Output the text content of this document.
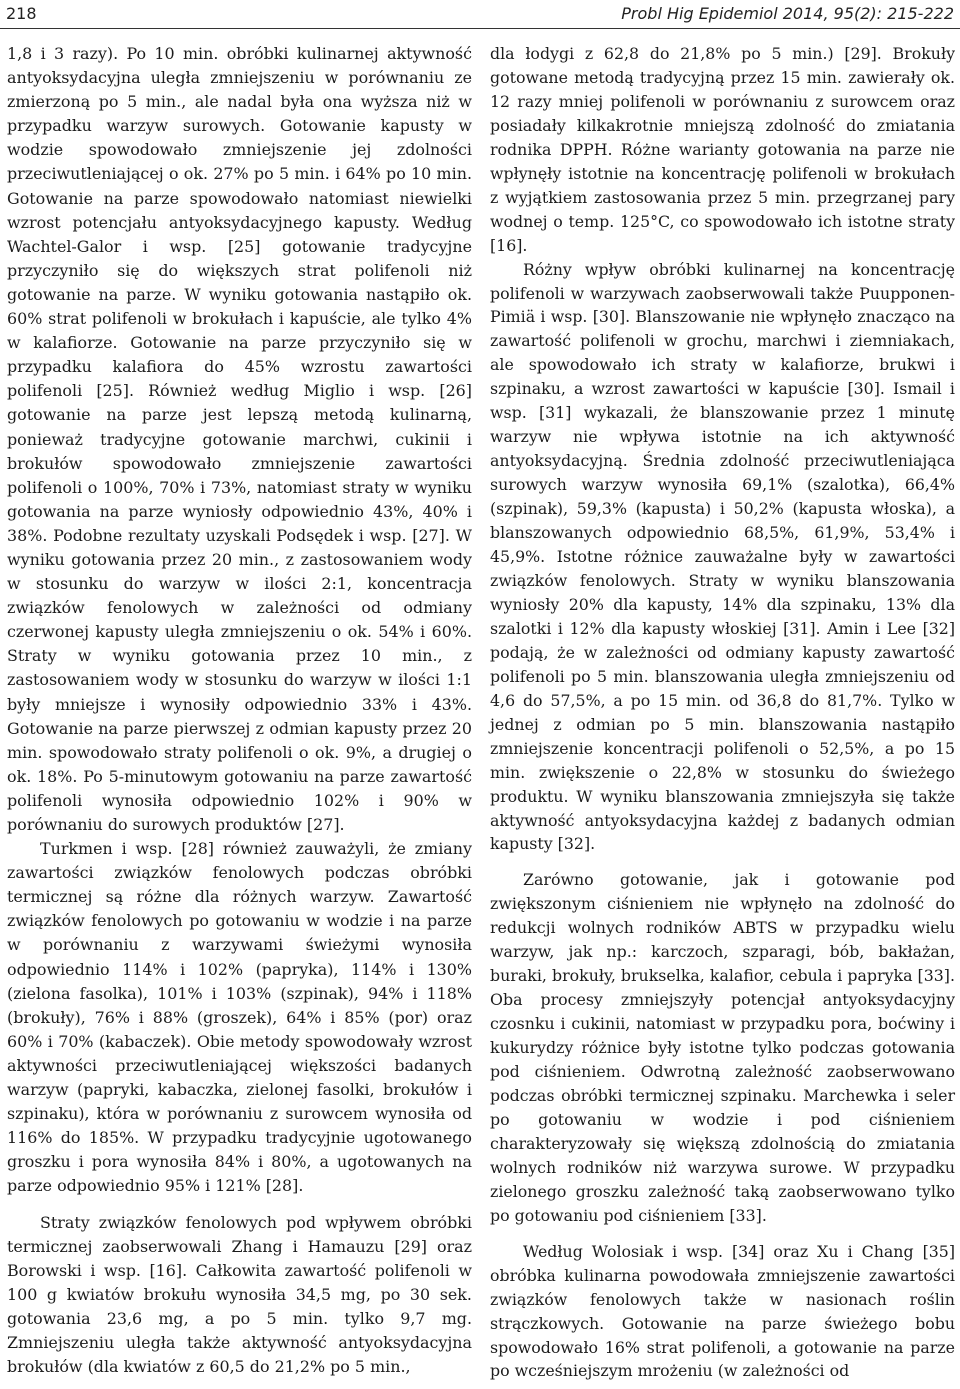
218	Probl Hig Epidemiol 2014, 95(2): 215-222

1,8 i 3 razy). Po 10 min. obróbki kulinarnej aktywność antyoksydacyjna uległa zmniejszeniu w porównaniu ze zmierzoną po 5 min., ale nadal była ona wyższa niż w przypadku warzyw surowych. Gotowanie kapusty w wodzie spowodowało zmniejszenie jej zdolności przeciwutleniającej o ok. 27% po 5 min. i 64% po 10 min. Gotowanie na parze spowodowało natomiast niewielki wzrost potencjału antyoksydacyjnego kapusty. Według Wachtel-Galor i wsp. [25] gotowanie tradycyjne przyczyniło się do większych strat polifenoli niż gotowanie na parze. W wyniku gotowania nastąpiło ok. 60% strat polifenoli w brokułach i kapuście, ale tylko 4% w kalafiorze. Gotowanie na parze przyczyniło się w przypadku kalafiora do 45% wzrostu zawartości polifenoli [25]. Również według Miglio i wsp. [26] gotowanie na parze jest lepszą metodą kulinarną, ponieważ tradycyjne gotowanie marchwi, cukinii i brokułów spowodowało zmniejszenie zawartości polifenoli o 100%, 70% i 73%, natomiast straty w wyniku gotowania na parze wyniosły odpowiednio 43%, 40% i 38%. Podobne rezultaty uzyskali Podsędek i wsp. [27]. W wyniku gotowania przez 20 min., z zastosowaniem wody w stosunku do warzyw w ilości 2:1, koncentracja związków fenolowych w zależności od odmiany czerwonej kapusty uległa zmniejszeniu o ok. 54% i 60%. Straty w wyniku gotowania przez 10 min., z zastosowaniem wody w stosunku do warzyw w ilości 1:1 były mniejsze i wynosiły odpowiednio 33% i 43%. Gotowanie na parze pierwszej z odmian kapusty przez 20 min. spowodowało straty polifenoli o ok. 9%, a drugiej o ok. 18%. Po 5-minutowym gotowaniu na parze zawartość polifenoli wynosiła odpowiednio 102% i 90% w porównaniu do surowych produktów [27].

Turkmen i wsp. [28] również zauważyli, że zmiany zawartości związków fenolowych podczas obróbki termicznej są różne dla różnych warzyw. Zawartość związków fenolowych po gotowaniu w wodzie i na parze w porównaniu z warzywami świeżymi wynosiła odpowiednio 114% i 102% (papryka), 114% i 130% (zielona fasolka), 101% i 103% (szpinak), 94% i 118% (brokuły), 76% i 88% (groszek), 64% i 85% (por) oraz 60% i 70% (kabaczek). Obie metody spowodowały wzrost aktywności przeciwutleniającej większości badanych warzyw (papryki, kabaczka, zielonej fasolki, brokułów i szpinaku), która w porównaniu z surowcem wynosiła od 116% do 185%. W przypadku tradycyjnie ugotowanego groszku i pora wynosiła 84% i 80%, a ugotowanych na parze odpowiednio 95% i 121% [28].

Straty związków fenolowych pod wpływem obróbki termicznej zaobserwowali Zhang i Hamauzu [29] oraz Borowski i wsp. [16]. Całkowita zawartość polifenoli w 100 g kwiatów brokułu wynosiła 34,5 mg, po 30 sek. gotowania 23,6 mg, a po 5 min. tylko 9,7 mg. Zmniejszeniu uległa także aktywność antyoksydacyjna brokułów (dla kwiatów z 60,5 do 21,2% po 5 min.,

dla łodygi z 62,8 do 21,8% po 5 min.) [29]. Brokuły gotowane metodą tradycyjną przez 15 min. zawierały ok. 12 razy mniej polifenoli w porównaniu z surowcem oraz posiadały kilkakrotnie mniejszą zdolność do zmiatania rodnika DPPH. Różne warianty gotowania na parze nie wpłynęły istotnie na koncentrację polifenoli w brokułach z wyjątkiem zastosowania przez 5 min. przegrzanej pary wodnej o temp. 125°C, co spowodowało ich istotne straty [16].

Różny wpływ obróbki kulinarnej na koncentrację polifenoli w warzywach zaobserwowali także Puupponen-Pimiä i wsp. [30]. Blanszowanie nie wpłynęło znacząco na zawartość polifenoli w grochu, marchwi i ziemniakach, ale spowodowało ich straty w kalafiorze, brukwi i szpinaku, a wzrost zawartości w kapuście [30]. Ismail i wsp. [31] wykazali, że blanszowanie przez 1 minutę warzyw nie wpływa istotnie na ich aktywność antyoksydacyjną. Średnia zdolność przeciwutleniająca surowych warzyw wynosiła 69,1% (szalotka), 66,4% (szpinak), 59,3% (kapusta) i 50,2% (kapusta włoska), a blanszowanych odpowiednio 68,5%, 61,9%, 53,4% i 45,9%. Istotne różnice zauważalne były w zawartości związków fenolowych. Straty w wyniku blanszowania wyniosły 20% dla kapusty, 14% dla szpinaku, 13% dla szalotki i 12% dla kapusty włoskiej [31]. Amin i Lee [32] podają, że w zależności od odmiany kapusty zawartość polifenoli po 5 min. blanszowania uległa zmniejszeniu od 4,6 do 57,5%, a po 15 min. od 36,8 do 81,7%. Tylko w jednej z odmian po 5 min. blanszowania nastąpiło zmniejszenie koncentracji polifenoli o 52,5%, a po 15 min. zwiększenie o 22,8% w stosunku do świeżego produktu. W wyniku blanszowania zmniejszyła się także aktywność antyoksydacyjna każdej z badanych odmian kapusty [32].

Zarówno gotowanie, jak i gotowanie pod zwiększonym ciśnieniem nie wpłynęło na zdolność do redukcji wolnych rodników ABTS w przypadku wielu warzyw, jak np.: karczoch, szparagi, bób, bakłażan, buraki, brokuły, brukselka, kalafior, cebula i papryka [33]. Oba procesy zmniejszyły potencjał antyoksydacyjny czosnku i cukinii, natomiast w przypadku pora, boćwiny i kukurydzy różnice były istotne tylko podczas gotowania pod ciśnieniem. Odwrotną zależność zaobserwowano podczas obróbki termicznej szpinaku. Marchewka i seler po gotowaniu w wodzie i pod ciśnieniem charakteryzowały się większą zdolnością do zmiatania wolnych rodników niż warzywa surowe. W przypadku zielonego groszku zależność taką zaobserwowano tylko po gotowaniu pod ciśnieniem [33].

Według Wolosiak i wsp. [34] oraz Xu i Chang [35] obróbka kulinarna powodowała zmniejszenie zawartości związków fenolowych także w nasionach roślin strączkowych. Gotowanie na parze świeżego bobu spowodowało 16% strat polifenoli, a gotowanie na parze po wcześniejszym mrożeniu (w zależności od
